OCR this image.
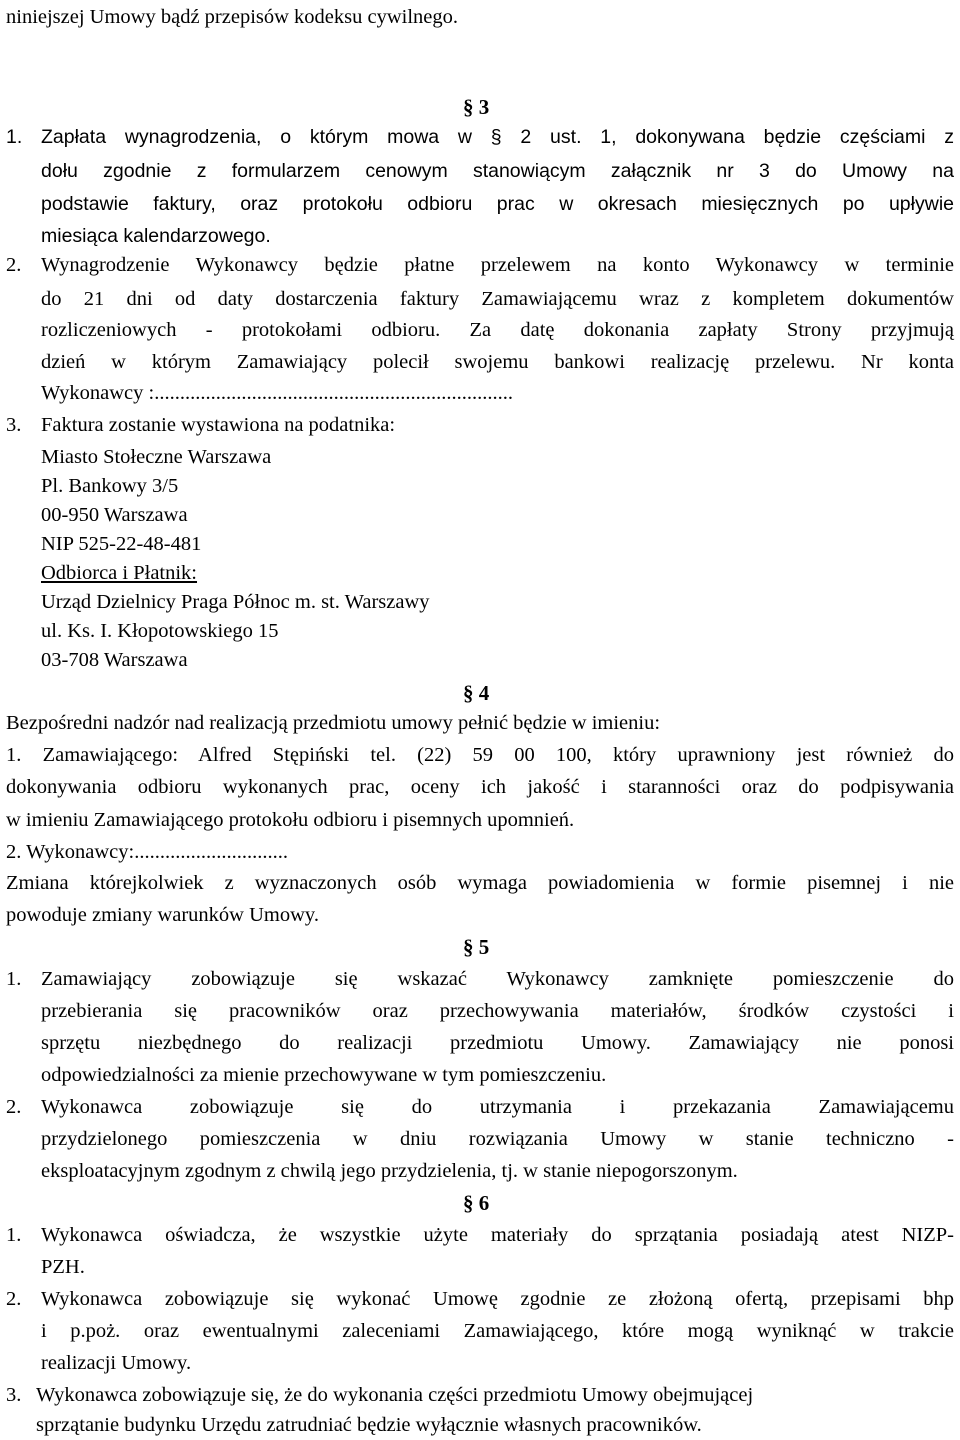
niniejszej Umowy bądź przepisów kodeksu cywilnego.
§ 3
1. Zapłata wynagrodzenia, o którym mowa w § 2 ust. 1, dokonywana będzie częściami z
dołu zgodnie z formularzem cenowym stanowiącym załącznik nr 3 do Umowy na
podstawie faktury, oraz protokołu odbioru prac w okresach miesięcznych po upływie
miesiąca kalendarzowego.
2. Wynagrodzenie Wykonawcy będzie płatne przelewem na konto Wykonawcy w terminie
do 21 dni od daty dostarczenia faktury Zamawiającemu wraz z kompletem dokumentów
rozliczeniowych - protokołami odbioru. Za datę dokonania zapłaty Strony przyjmują
dzień w którym Zamawiający polecił swojemu bankowi realizację przelewu. Nr konta
Wykonawcy :......................................................................
3. Faktura zostanie wystawiona na podatnika:
Miasto Stołeczne Warszawa
Pl. Bankowy 3/5
00-950 Warszawa
NIP 525-22-48-481
Odbiorca i Płatnik:
Urząd Dzielnicy Praga Północ m. st. Warszawy
ul. Ks. I. Kłopotowskiego 15
03-708 Warszawa
§ 4
Bezpośredni nadzór nad realizacją przedmiotu umowy pełnić będzie w imieniu:
1. Zamawiającego: Alfred Stępiński tel. (22) 59 00 100, który uprawniony jest również do
dokonywania odbioru wykonanych prac, oceny ich jakość i staranności oraz do podpisywania
w imieniu Zamawiającego protokołu odbioru i pisemnych upomnień.
2. Wykonawcy:..............................
Zmiana którejkolwiek z wyznaczonych osób wymaga powiadomienia w formie pisemnej i nie
powoduje zmiany warunków Umowy.
§ 5
1. Zamawiający zobowiązuje się wskazać Wykonawcy zamknięte pomieszczenie do
przebierania się pracowników oraz przechowywania materiałów, środków czystości i
sprzętu niezbędnego do realizacji przedmiotu Umowy. Zamawiający nie ponosi
odpowiedzialności za mienie przechowywane w tym pomieszczeniu.
2. Wykonawca zobowiązuje się do utrzymania i przekazania Zamawiającemu
przydzielonego pomieszczenia w dniu rozwiązania Umowy w stanie techniczno -
eksploatacyjnym zgodnym z chwilą jego przydzielenia, tj. w stanie niepogorszonym.
§ 6
1. Wykonawca oświadcza, że wszystkie użyte materiały do sprzątania posiadają atest NIZP-
PZH.
2. Wykonawca zobowiązuje się wykonać Umowę zgodnie ze złożoną ofertą, przepisami bhp
i p.poż. oraz ewentualnymi zaleceniami Zamawiającego, które mogą wyniknąć w trakcie
realizacji Umowy.
3. Wykonawca zobowiązuje się, że do wykonania części przedmiotu Umowy obejmującej
sprzątanie budynku Urzędu zatrudniać będzie wyłącznie własnych pracowników.
